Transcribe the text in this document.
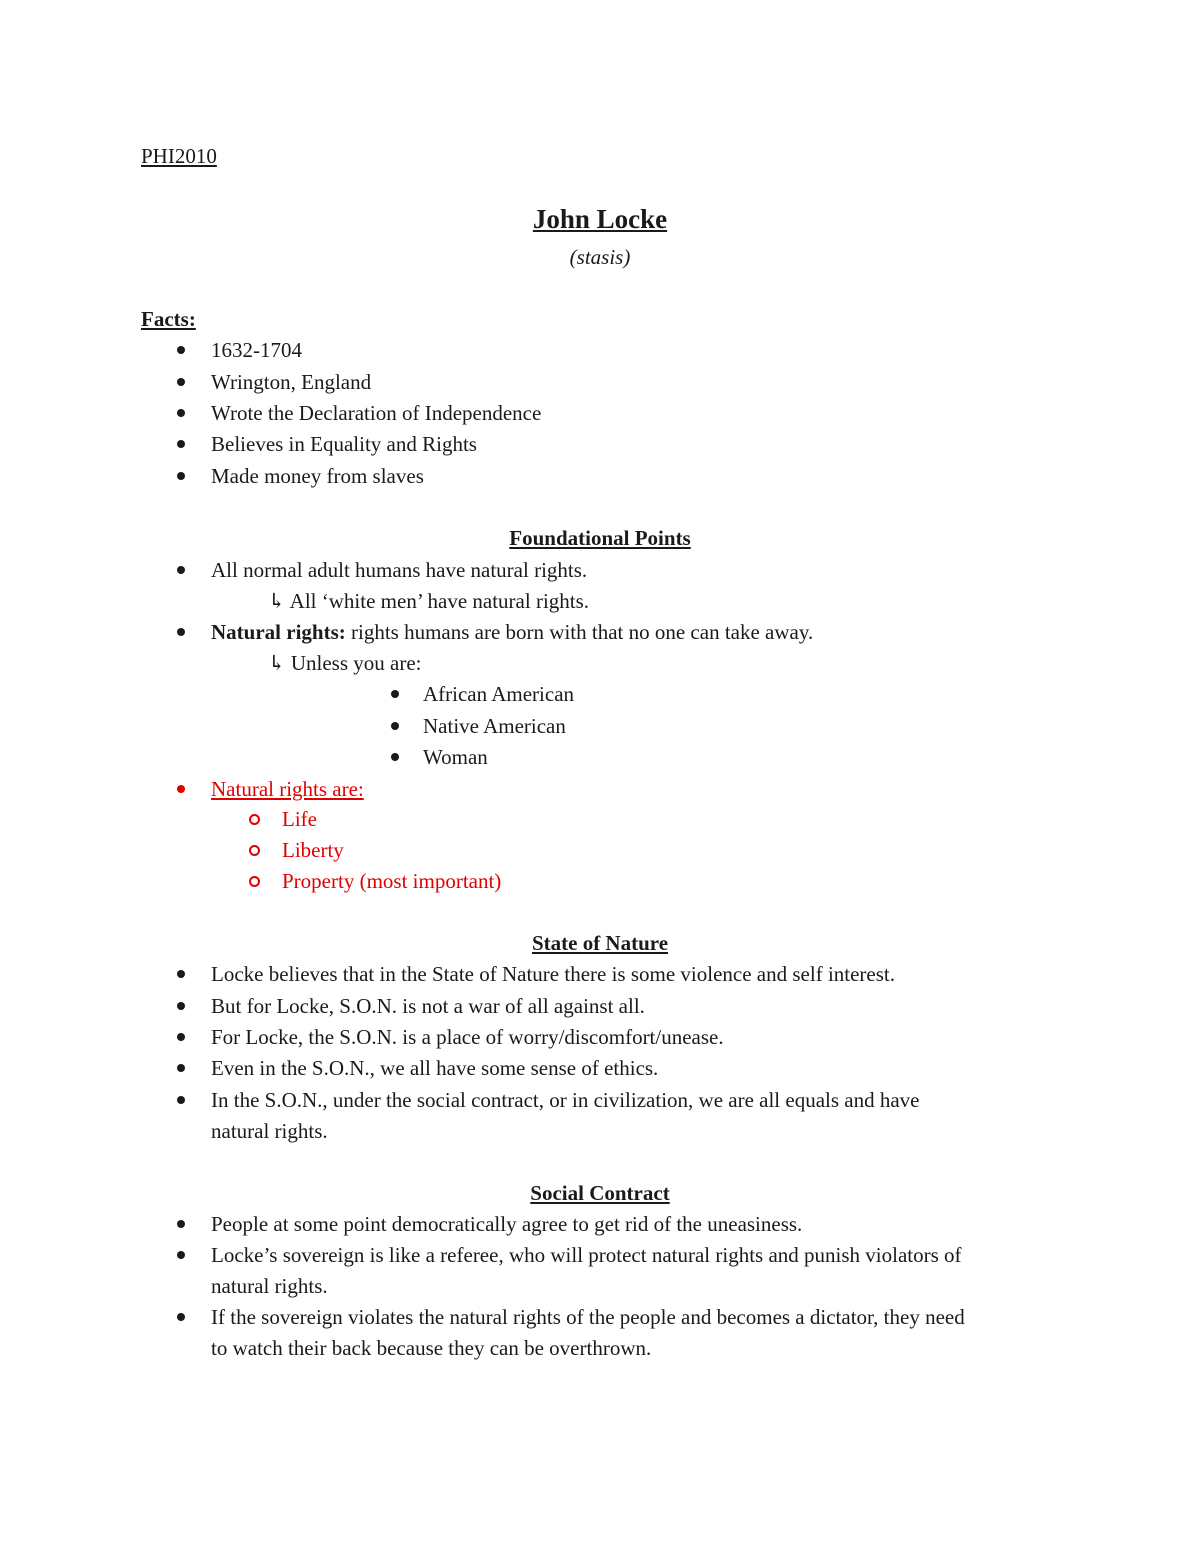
PHI2010
John Locke
(stasis)
Facts:
1632-1704
Wrington, England
Wrote the Declaration of Independence
Believes in Equality and Rights
Made money from slaves
Foundational Points
All normal adult humans have natural rights.
↳ All ‘white men’ have natural rights.
Natural rights: rights humans are born with that no one can take away.
↳ Unless you are:
African American
Native American
Woman
Natural rights are:
Life
Liberty
Property (most important)
State of Nature
Locke believes that in the State of Nature there is some violence and self interest.
But for Locke, S.O.N. is not a war of all against all.
For Locke, the S.O.N. is a place of worry/discomfort/unease.
Even in the S.O.N., we all have some sense of ethics.
In the S.O.N., under the social contract, or in civilization, we are all equals and have
natural rights.
Social Contract
People at some point democratically agree to get rid of the uneasiness.
Locke’s sovereign is like a referee, who will protect natural rights and punish violators of
natural rights.
If the sovereign violates the natural rights of the people and becomes a dictator, they need
to watch their back because they can be overthrown.
